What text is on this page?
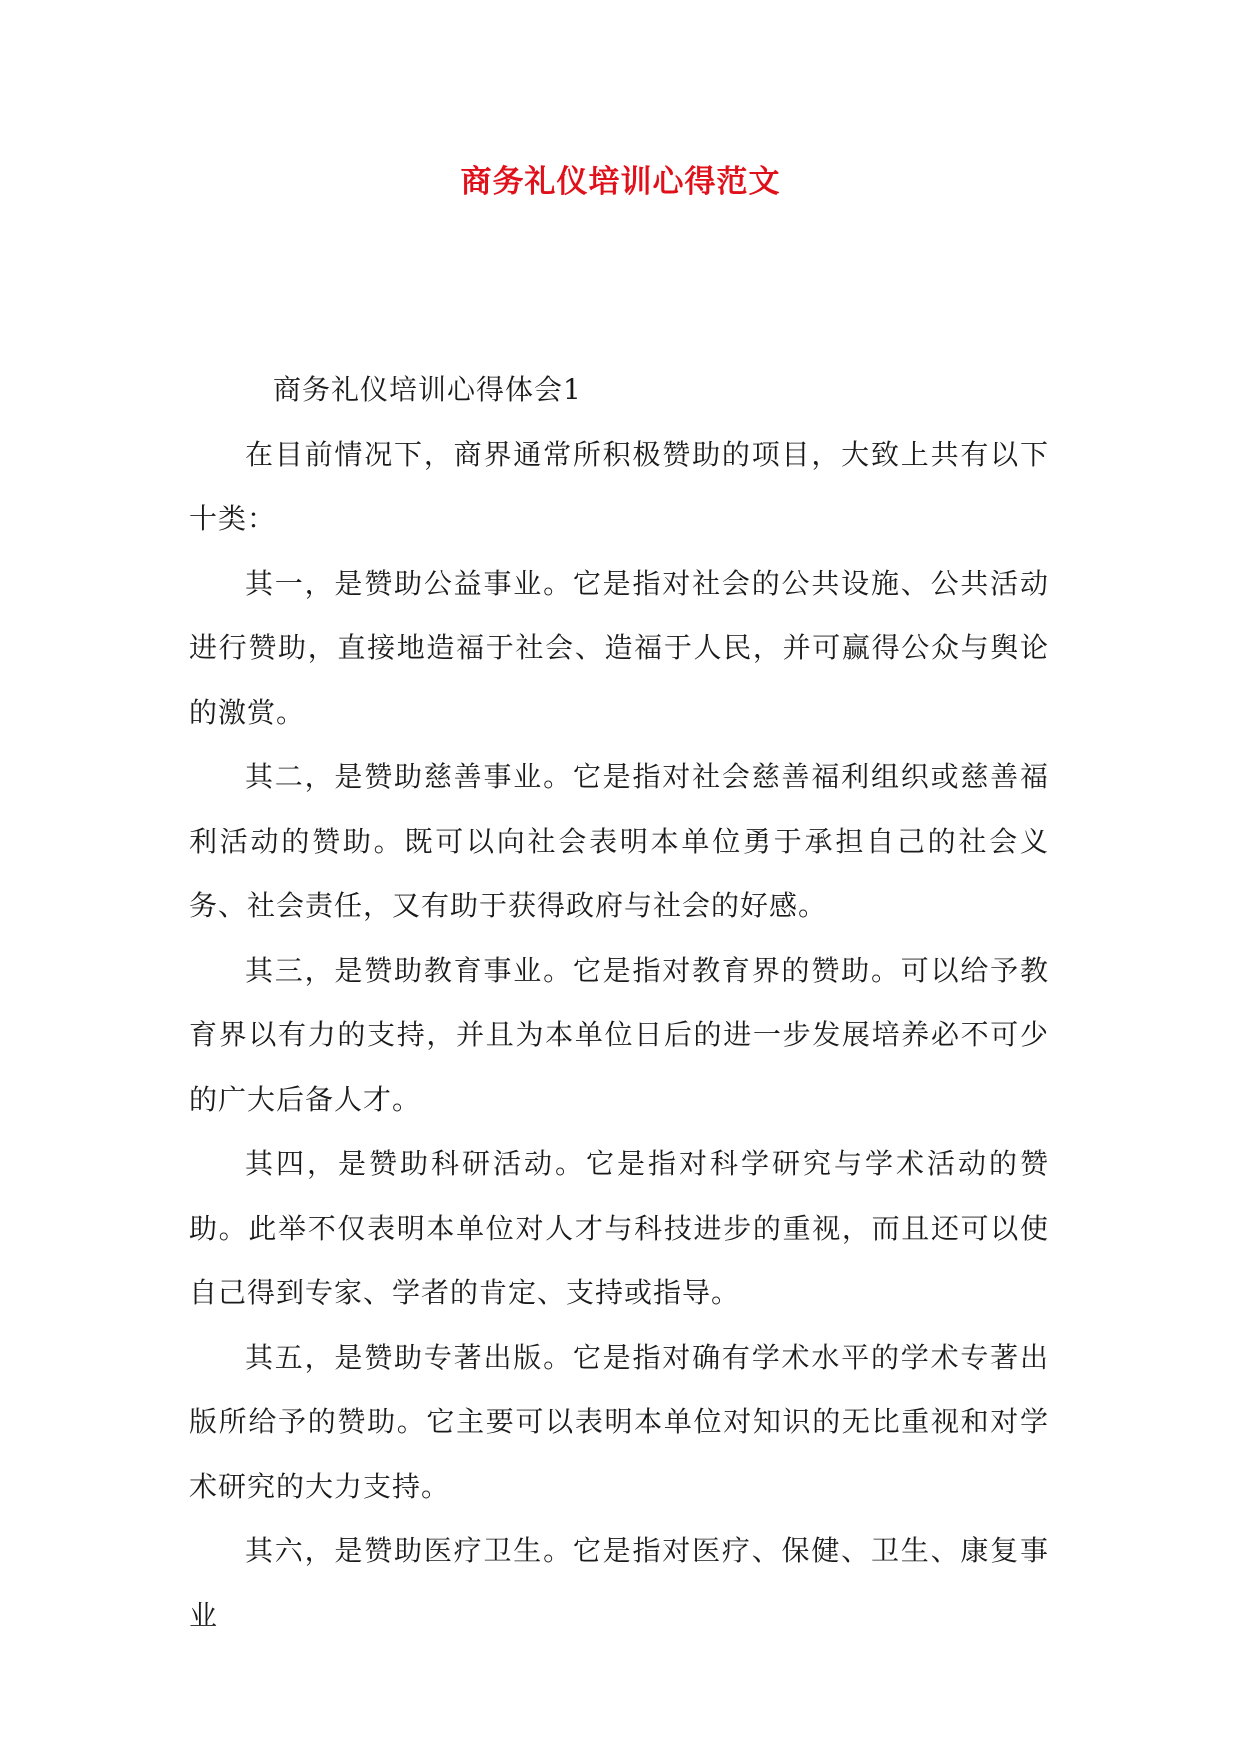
商务礼仪培训心得范文

商务礼仪培训心得体会1

在目前情况下，商界通常所积极赞助的项目，大致上共有以下十类：

其一，是赞助公益事业。它是指对社会的公共设施、公共活动进行赞助，直接地造福于社会、造福于人民，并可赢得公众与舆论的激赏。

其二，是赞助慈善事业。它是指对社会慈善福利组织或慈善福利活动的赞助。既可以向社会表明本单位勇于承担自己的社会义务、社会责任，又有助于获得政府与社会的好感。

其三，是赞助教育事业。它是指对教育界的赞助。可以给予教育界以有力的支持，并且为本单位日后的进一步发展培养必不可少的广大后备人才。

其四，是赞助科研活动。它是指对科学研究与学术活动的赞助。此举不仅表明本单位对人才与科技进步的重视，而且还可以使自己得到专家、学者的肯定、支持或指导。

其五，是赞助专著出版。它是指对确有学术水平的学术专著出版所给予的赞助。它主要可以表明本单位对知识的无比重视和对学术研究的大力支持。

其六，是赞助医疗卫生。它是指对医疗、保健、卫生、康复事业
